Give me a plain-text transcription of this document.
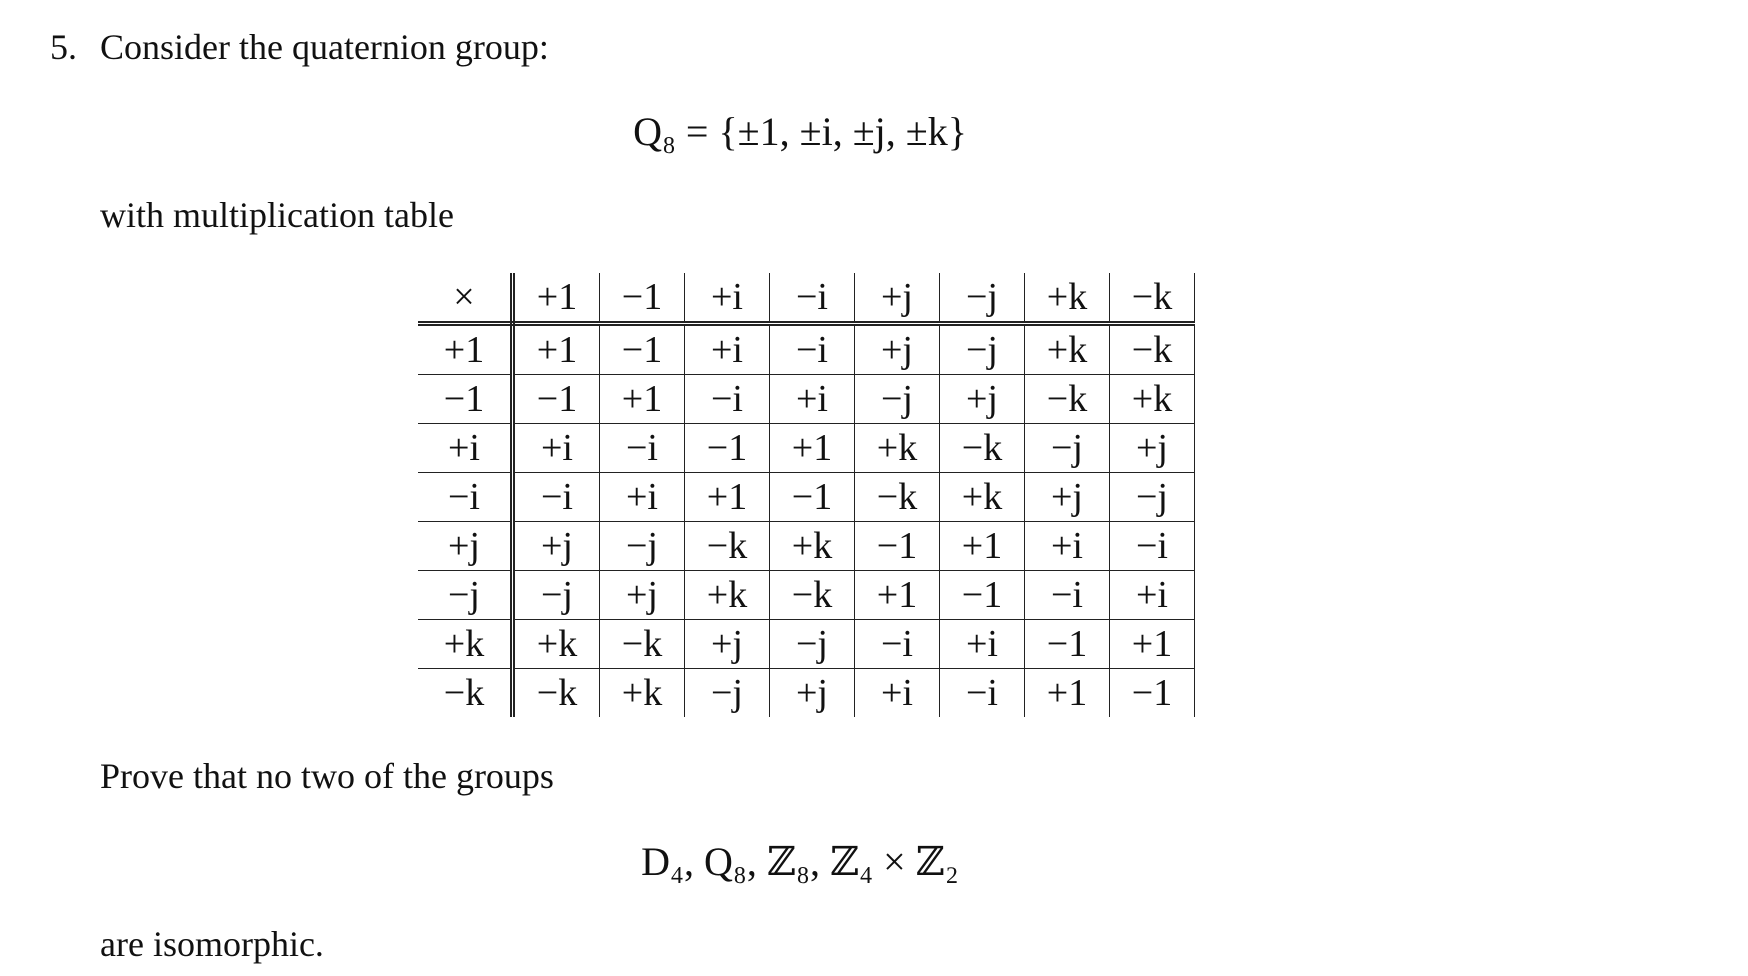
5. Consider the quaternion group:
Q₈ = {±1, ±i, ±j, ±k}
with multiplication table
×	+1	−1	+i	−i	+j	−j	+k	−k
+1	+1	−1	+i	−i	+j	−j	+k	−k
−1	−1	+1	−i	+i	−j	+j	−k	+k
+i	+i	−i	−1	+1	+k	−k	−j	+j
−i	−i	+i	+1	−1	−k	+k	+j	−j
+j	+j	−j	−k	+k	−1	+1	+i	−i
−j	−j	+j	+k	−k	+1	−1	−i	+i
+k	+k	−k	+j	−j	−i	+i	−1	+1
−k	−k	+k	−j	+j	+i	−i	+1	−1
Prove that no two of the groups
D₄, Q₈, ℤ₈, ℤ₄ × ℤ₂
are isomorphic.
